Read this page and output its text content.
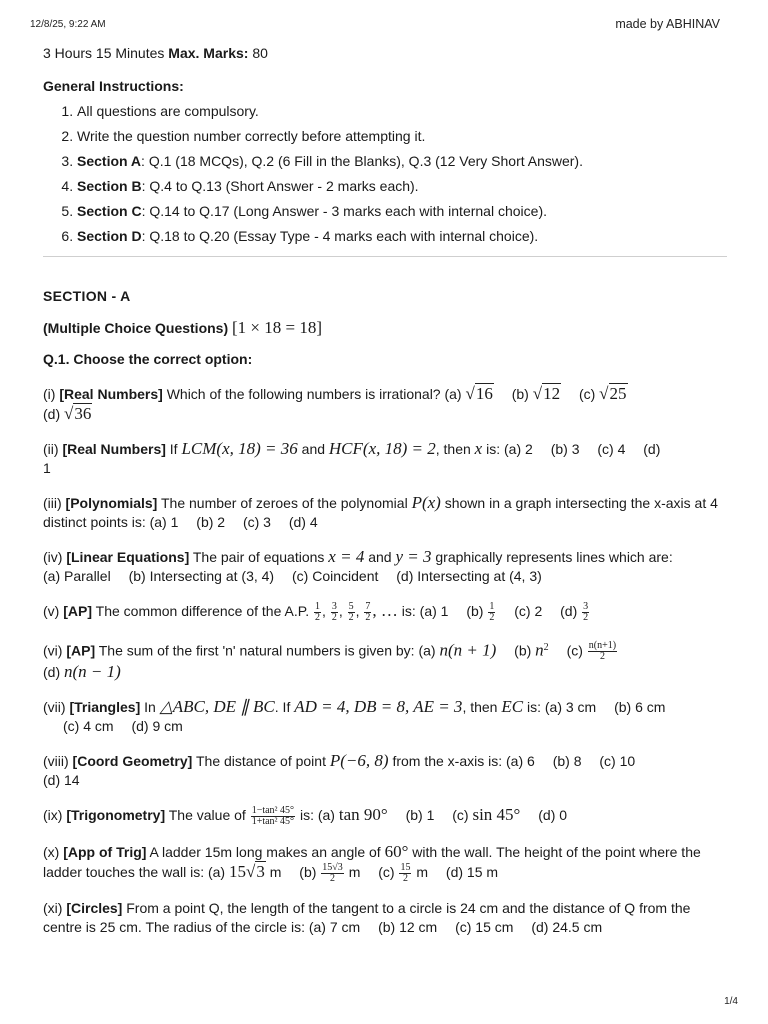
12/8/25, 9:22 AM	made by ABHINAV
3 Hours 15 Minutes Max. Marks: 80
General Instructions:
1. All questions are compulsory.
2. Write the question number correctly before attempting it.
3. Section A: Q.1 (18 MCQs), Q.2 (6 Fill in the Blanks), Q.3 (12 Very Short Answer).
4. Section B: Q.4 to Q.13 (Short Answer - 2 marks each).
5. Section C: Q.14 to Q.17 (Long Answer - 3 marks each with internal choice).
6. Section D: Q.18 to Q.20 (Essay Type - 4 marks each with internal choice).
SECTION - A
(Multiple Choice Questions) [1 × 18 = 18]
Q.1. Choose the correct option:
(i) [Real Numbers] Which of the following numbers is irrational? (a) √16 (b) √12 (c) √25
(d) √36
(ii) [Real Numbers] If LCM(x, 18) = 36 and HCF(x, 18) = 2, then x is: (a) 2 (b) 3 (c) 4 (d)
1
(iii) [Polynomials] The number of zeroes of the polynomial P(x) shown in a graph intersecting the x-axis at 4 distinct points is: (a) 1 (b) 2 (c) 3 (d) 4
(iv) [Linear Equations] The pair of equations x = 4 and y = 3 graphically represents lines which are:
(a) Parallel (b) Intersecting at (3, 4) (c) Coincident (d) Intersecting at (4, 3)
(v) [AP] The common difference of the A.P. $\frac{1}{2}$ , $\frac{3}{2}$ , $\frac{5}{2}$ , $\frac{7}{2}$ , … is: (a) 1 $(b) \frac{1}{2} (c)$ 2 $(d) \frac{3}{2}$
(vi) [AP] The sum of the first 'n' natural numbers is given by: (a) n(n + 1) (b) $n^2$ $(c) \frac{n(n+1)}{2}$

(d) n(n − 1)
(vii) [Triangles] In △ABC, DE ∥ BC. If AD = 4, DB = 8, AE = 3, then EC is: (a) 3 cm (b) 6 cm
(c) 4 cm (d) 9 cm
(viii) [Coord Geometry] The distance of point P(−6, 8) from the x-axis is: (a) 6 (b) 8 (c) 10
(d) 14
(ix) [Trigonometry] The value of $\frac{\text{1−tan² 45°}}{\text{1+tan² 45°}}$ is: (a) tan 90° (b) 1 (c) sin 45° (d) 0
(x) [App of Trig] A ladder 15m long makes an angle of 60° with the wall. The height of the point where the ladder touches the wall is: (a) 15√3 m $(b) \frac{15√3}{2}$ m $(c) \frac{15}{2}$ m (d) 15 m
(xi) [Circles] From a point Q, the length of the tangent to a circle is 24 cm and the distance of Q from the centre is 25 cm. The radius of the circle is: (a) 7 cm (b) 12 cm (c) 15 cm (d) 24.5 cm
1/4
